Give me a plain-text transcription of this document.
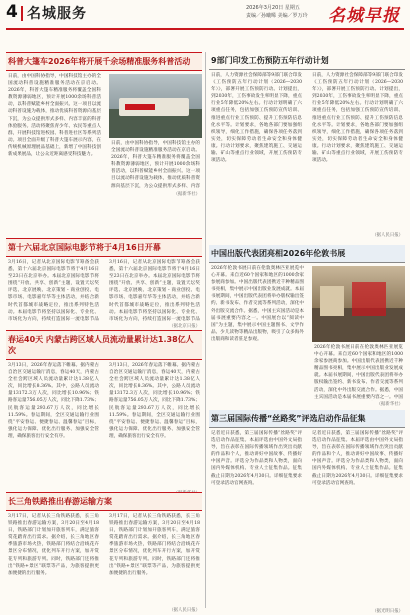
4 名城服务	2026年3月20日 星期五
责编／孙曦晞 美编／罗万玲 名城早报
科普大篷车2026年将开展千余场精准服务科普活动
日前，由中国科协指导，中国科技馆主办的全国流动科普设施精准服务活动在京启动。2026年，科普大篷车精准服务将覆盖全国科教资源薄弱地区，预计开展1000余场科普活动，以科普赋能乡村全面振兴。这一项目以流动科普设施为载体，推动优质科普资源向基层下沉，为公众提供形式多样、内容丰富的科普体验服务。活动将聚焦青少年、农民等重点人群，开展科技馆进校园、科普进社区等系列活动。项目全面升级了科普大篷车展示内容，在传统机械原理展品基础上，新增了中国科技创新成果展品，让公众近距离感受科技魅力。
日前，由中国科协指导，中国科技馆主办的全国流动科普设施精准服务活动在京启动。2026年，科普大篷车精准服务将覆盖全国科教资源薄弱地区，预计开展1000余场科普活动，以科普赋能乡村全面振兴。这一项目以流动科普设施为载体，推动优质科普资源向基层下沉，为公众提供形式多样、内容
（据新华社）
第十六届北京国际电影节将于4月16日开幕
3月16日，记者从北京国际电影节筹备会获悉，第十六届北京国际电影节将于4月16日至23日在北京举办。本届北京国际电影节将围绕“开放、共享、创新”主题，设置天坛奖评选、北京展映、北京策划・商业创投、电影市场、电影嘉年华等主体活动，并结合新时代首都城市战略定位，推出系列特色活动。本届电影节将坚持以国际化、专业化、市场化为方向，持续打造国际一流电影节品
3月16日，记者从北京国际电影节筹备会获悉，第十六届北京国际电影节将于4月16日至23日在北京举办。本届北京国际电影节将围绕“开放、共享、创新”主题，设置天坛奖评选、北京展映、北京策划・商业创投、电影市场、电影嘉年华等主体活动，并结合新时代首都城市战略定位，推出系列特色活动。本届电影节将坚持以国际化、专业化、市场化为方向，持续打造国际一流电影节品
（据北京日报）
春运40天 内蒙古跨区域人员流动量累计达1.38亿人次
3月13日，2026年春运落下帷幕。据内蒙古自治区交通运输厅消息，春运40天，内蒙古全社会跨区域人员流动量累计达1.38亿人次，同比增长8.36%。其中，公路人员流动量13172.3万人次，同比增长10.96%；铁路客运量756.05万人次，同比下降1.73%；民航客运量293.67万人次，同比增长11.59%。春运期间，全区交通运输行业围绕“平安春运、便捷春运、温馨春运”目标，强化运力保障、优化出行服务、加强安全管理，确保旅客出行安全有序。
3月13日，2026年春运落下帷幕。据内蒙古自治区交通运输厅消息，春运40天，内蒙古全社会跨区域人员流动量累计达1.38亿人次，同比增长8.36%。其中，公路人员流动量13172.3万人次，同比增长10.96%；铁路客运量756.05万人次，同比下降1.73%；民航客运量293.67万人次，同比增长11.59%。春运期间，全区交通运输行业围绕“平安春运、便捷春运、温馨春运”目标，强化运力保障、优化出行服务、加强安全管理，确保旅客出行安全有序。
长三角铁路推出春游运输方案
3月17日，记者从长三角铁路获悉，长三角铁路推出春游运输方案，3月20日至4月18日，铁路部门计划加开旅客列车，满足旅客赏花踏青出行需求。据介绍，长三角地区春季旅游市场火热，铁路部门将结合沿线花卉景区分布情况，优化列车开行方案，加开赏花专列和旅游专列。同时，铁路部门还将推出“铁路+景区”联票等产品，为旅客提供更加便捷的出行服务。
3月17日，记者从长三角铁路获悉，长三角铁路推出春游运输方案，3月20日至4月18日，铁路部门计划加开旅客列车，满足旅客赏花踏青出行需求。据介绍，长三角地区春季旅游市场火热，铁路部门将结合沿线花卉景区分布情况，优化列车开行方案，加开赏花专列和旅游专列。同时，铁路部门还将推出“铁路+景区”联票等产品，为旅客提供更加便捷的出行服务。
（据人民日报）
9部门印发工伤预防五年行动计划
日前，人力资源社会保障部等9部门联合印发《工伤预防五年行动计划（2026—2030年）》，部署开展工伤预防行动。计划提出，到2030年，工伤事故发生率明显下降，重点行业5年降低20%左右。行动计划明确了六项重点任务，包括加强工伤预防宣传培训、推进重点行业工伤预防、提升工伤预防信息化水平等。计划要求，各地各部门要加强组织领导，细化工作措施，确保各项任务落到实处，切实保障劳动者生命安全和身体健康。行动计划要求，聚焦建筑施工、交通运输、矿山等重点行业领域，开展工伤预防专项活动。
日前，人力资源社会保障部等9部门联合印发《工伤预防五年行动计划（2026—2030年）》，部署开展工伤预防行动。计划提出，到2030年，工伤事故发生率明显下降，重点行业5年降低20%左右。行动计划明确了六项重点任务，包括加强工伤预防宣传培训、推进重点行业工伤预防、提升工伤预防信息化水平等。计划要求，各地各部门要加强组织领导，细化工作措施，确保各项任务落到实处，切实保障劳动者生命安全和身体健康。行动计划要求，聚焦建筑施工、交通运输、矿山等重点行业领域，开展工伤预防专项活动。
（据人民日报）
中国出版代表团亮相2026年伦敦书展
2026年伦敦书展日前在伦敦奥林匹亚展览中心开幕。来自近60个国家和地区的1000余家参展商参加。中国出版代表团携近千种精品图书亮相，集中展示中国出版业发展成就。本届书展期间，中国出版代表团将举办版权输出签约、新书发布、作者交流等系列活动，深化中外出版交流合作。据悉，中国主宾国活动是本届书展重要内容之一。中国展台以“阅读中国”为主题，集中展示中国主题图书、文学作品、少儿读物等精品出版物，吸引了众多海外出版商和读者驻足参观。
2026年伦敦书展日前在伦敦奥林匹亚展览中心开幕。来自近60个国家和地区的1000余家参展商参加。中国出版代表团携近千种精品图书亮相，集中展示中国出版业发展成就。本届书展期间，中国出版代表团将举办版权输出签约、新书发布、作者交流等系列活动，深化中外出版交流合作。据悉，中国主宾国活动是本届书展重要内容之一。中国
（据新华社）
第三届国际传播“丝路奖”评选启动作品征集
记者近日获悉，第三届国际传播“丝路奖”评选启动作品征集。本届评选由中国外文局指导，旨在表彰在国际传播领域作出突出贡献的作品和个人，推动讲好中国故事、传播好中国声音。评选分为作品类和人物类，面向国内外媒体机构、专业人士征集作品。征集截止日期为2026年4月30日。详细征集要求可登录活动官网查询。
记者近日获悉，第三届国际传播“丝路奖”评选启动作品征集。本届评选由中国外文局指导，旨在表彰在国际传播领域作出突出贡献的作品和个人，推动讲好中国故事、传播好中国声音。评选分为作品类和人物类，面向国内外媒体机构、专业人士征集作品。征集截止日期为2026年4月30日。详细征集要求可登录活动官网查询。
（据光明日报）
